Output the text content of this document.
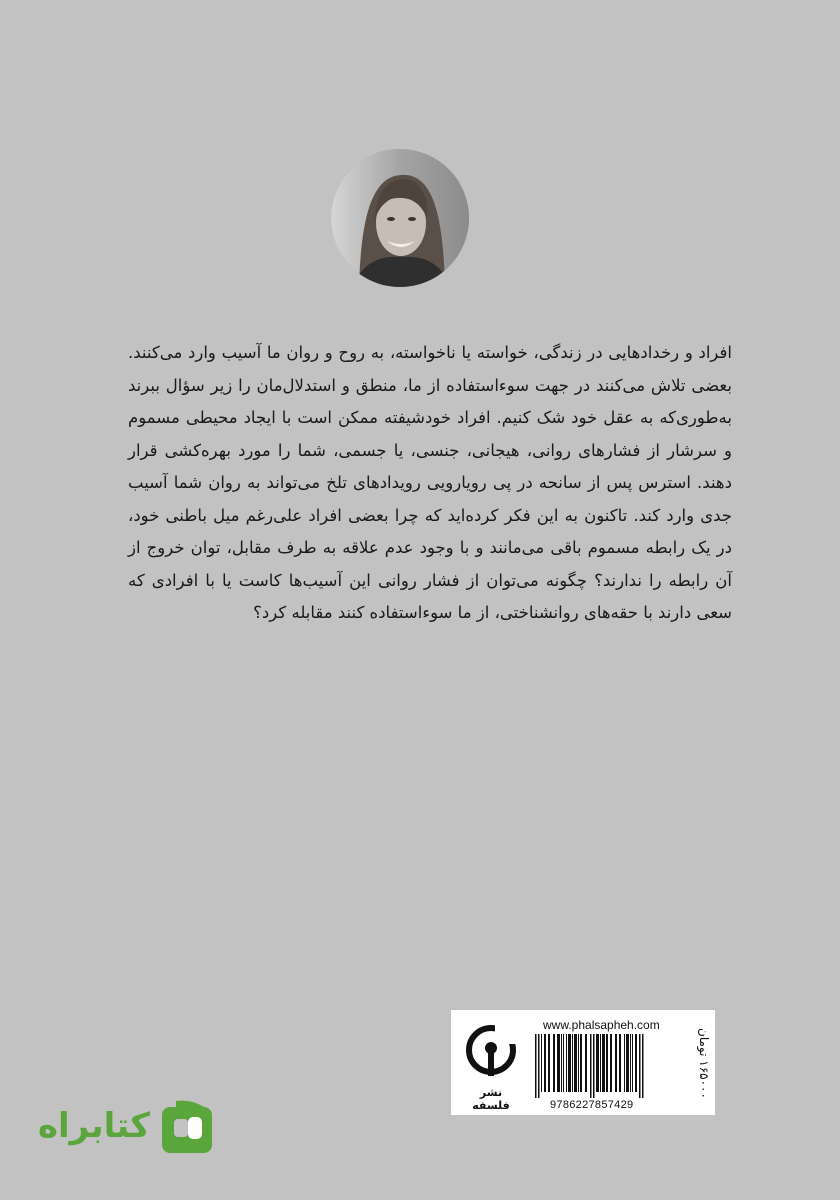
افراد و رخدادهایی در زندگی، خواسته یا ناخواسته، به روح و روان ما آسیب وارد می‌کنند. بعضی تلاش می‌کنند در جهت سوءاستفاده از ما، منطق و استدلال‌مان را زیر سؤال ببرند به‌طوری‌که به عقل خود شک کنیم. افراد خودشیفته ممکن است با ایجاد محیطی مسموم و سرشار از فشارهای روانی، هیجانی، جنسی، یا جسمی، شما را مورد بهره‌کشی قرار دهند. استرس پس از سانحه در پی رویارویی رویدادهای تلخ می‌تواند به روان شما آسیب جدی وارد کند. تاکنون به این فکر کرده‌اید که چرا بعضی افراد علی‌رغم میل باطنی خود، در یک رابطه مسموم باقی می‌مانند و با وجود عدم علاقه به طرف مقابل، توان خروج از آن رابطه را ندارند؟ چگونه می‌توان از فشار روانی این آسیب‌ها کاست یا با افرادی که سعی دارند با حقه‌های روانشناختی، از ما سوءاستفاده کنند مقابله کرد؟
نشر فلسفه
www.phalsapheh.com
9786227857429
۱۶۵۰۰۰ تومان
کتابراه
